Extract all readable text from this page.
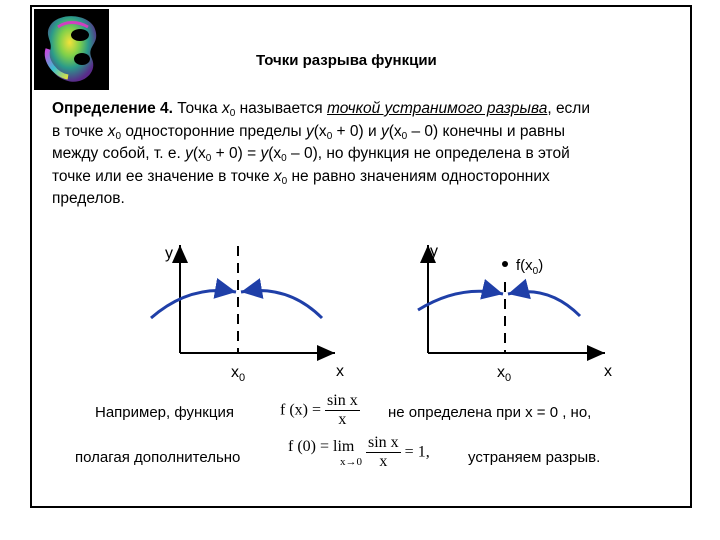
Точки разрыва функции
Определение 4. Точка $x_0$ называется точкой устранимого разрыва, если
в точке $x_0$ односторонние пределы $y(x_0 + 0)$ и $y(x_0 - 0)$ конечны и равны
между собой, т. е. $y(x_0 + 0) = y(x_0 - 0)$, но функция не определена в этой
точке или ее значение в точке $x_0$ не равно значениям односторонних
пределов.
y
x
$x_0$
y
x
$x_0$
$f(x_0)$
Например, функция	f $(x) = \frac{\text{sin x}}{x}$ не определена при x = 0 , но,
полагая дополнительно
f (0) = lim
x→0
$\frac{\text{sin x}}{x} = 1$,	устраняем разрыв.
